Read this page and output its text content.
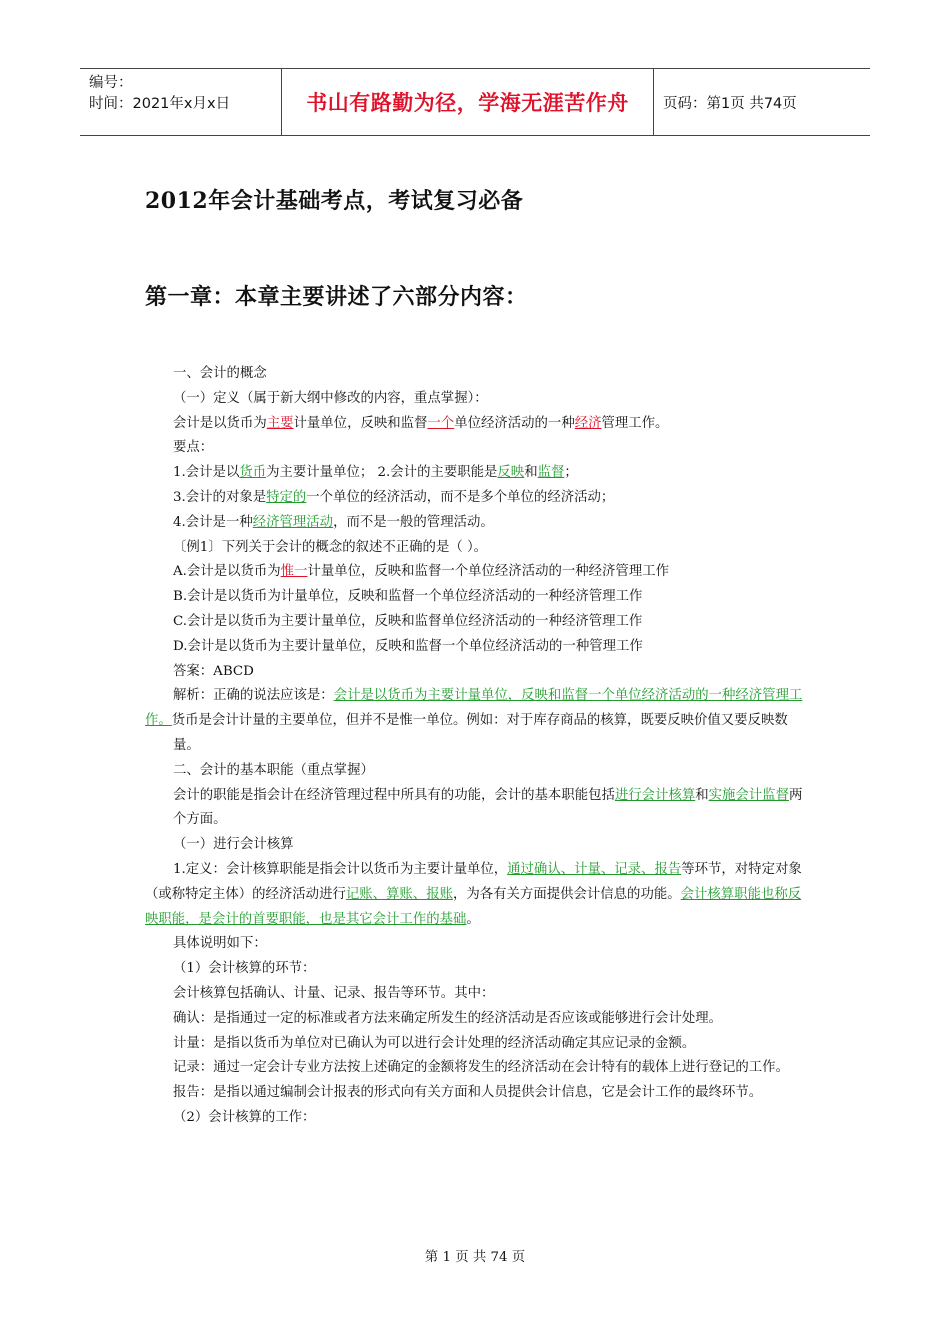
编号：
时间：2021年x月x日	书山有路勤为径，学海无涯苦作舟	页码：第1页 共74页
2012年会计基础考点，考试复习必备
第一章：本章主要讲述了六部分内容：

一、会计的概念

（一）定义（属于新大纲中修改的内容，重点掌握）：

会计是以货币为主要计量单位，反映和监督一个单位经济活动的一种经济管理工作。

要点：

1.会计是以货币为主要计量单位； 2.会计的主要职能是反映和监督；

3.会计的对象是特定的一个单位的经济活动，而不是多个单位的经济活动；

4.会计是一种经济管理活动，而不是一般的管理活动。

〔例1〕下列关于会计的概念的叙述不正确的是（ ）。

A.会计是以货币为惟一计量单位，反映和监督一个单位经济活动的一种经济管理工作

B.会计是以货币为计量单位，反映和监督一个单位经济活动的一种经济管理工作

C.会计是以货币为主要计量单位，反映和监督单位经济活动的一种经济管理工作

D.会计是以货币为主要计量单位，反映和监督一个单位经济活动的一种管理工作

答案：ABCD

解析：正确的说法应该是：会计是以货币为主要计量单位，反映和监督一个单位经济活动的一种经济管理工作。货币是会计计量的主要单位，但并不是惟一单位。例如：对于库存商品的核算，既要反映价值又要反映数

量。

二、会计的基本职能（重点掌握）

会计的职能是指会计在经济管理过程中所具有的功能，会计的基本职能包括进行会计核算和实施会计监督两

个方面。

（一）进行会计核算

1.定义：会计核算职能是指会计以货币为主要计量单位，通过确认、计量、记录、报告等环节，对特定对象（或称特定主体）的经济活动进行记账、算账、报账，为各有关方面提供会计信息的功能。会计核算职能也称反映职能，是会计的首要职能，也是其它会计工作的基础。

具体说明如下：

（1）会计核算的环节：

会计核算包括确认、计量、记录、报告等环节。其中：

确认：是指通过一定的标准或者方法来确定所发生的经济活动是否应该或能够进行会计处理。

计量：是指以货币为单位对已确认为可以进行会计处理的经济活动确定其应记录的金额。

记录：通过一定会计专业方法按上述确定的金额将发生的经济活动在会计特有的载体上进行登记的工作。

报告：是指以通过编制会计报表的形式向有关方面和人员提供会计信息，它是会计工作的最终环节。

（2）会计核算的工作：

第 1 页 共 74 页
